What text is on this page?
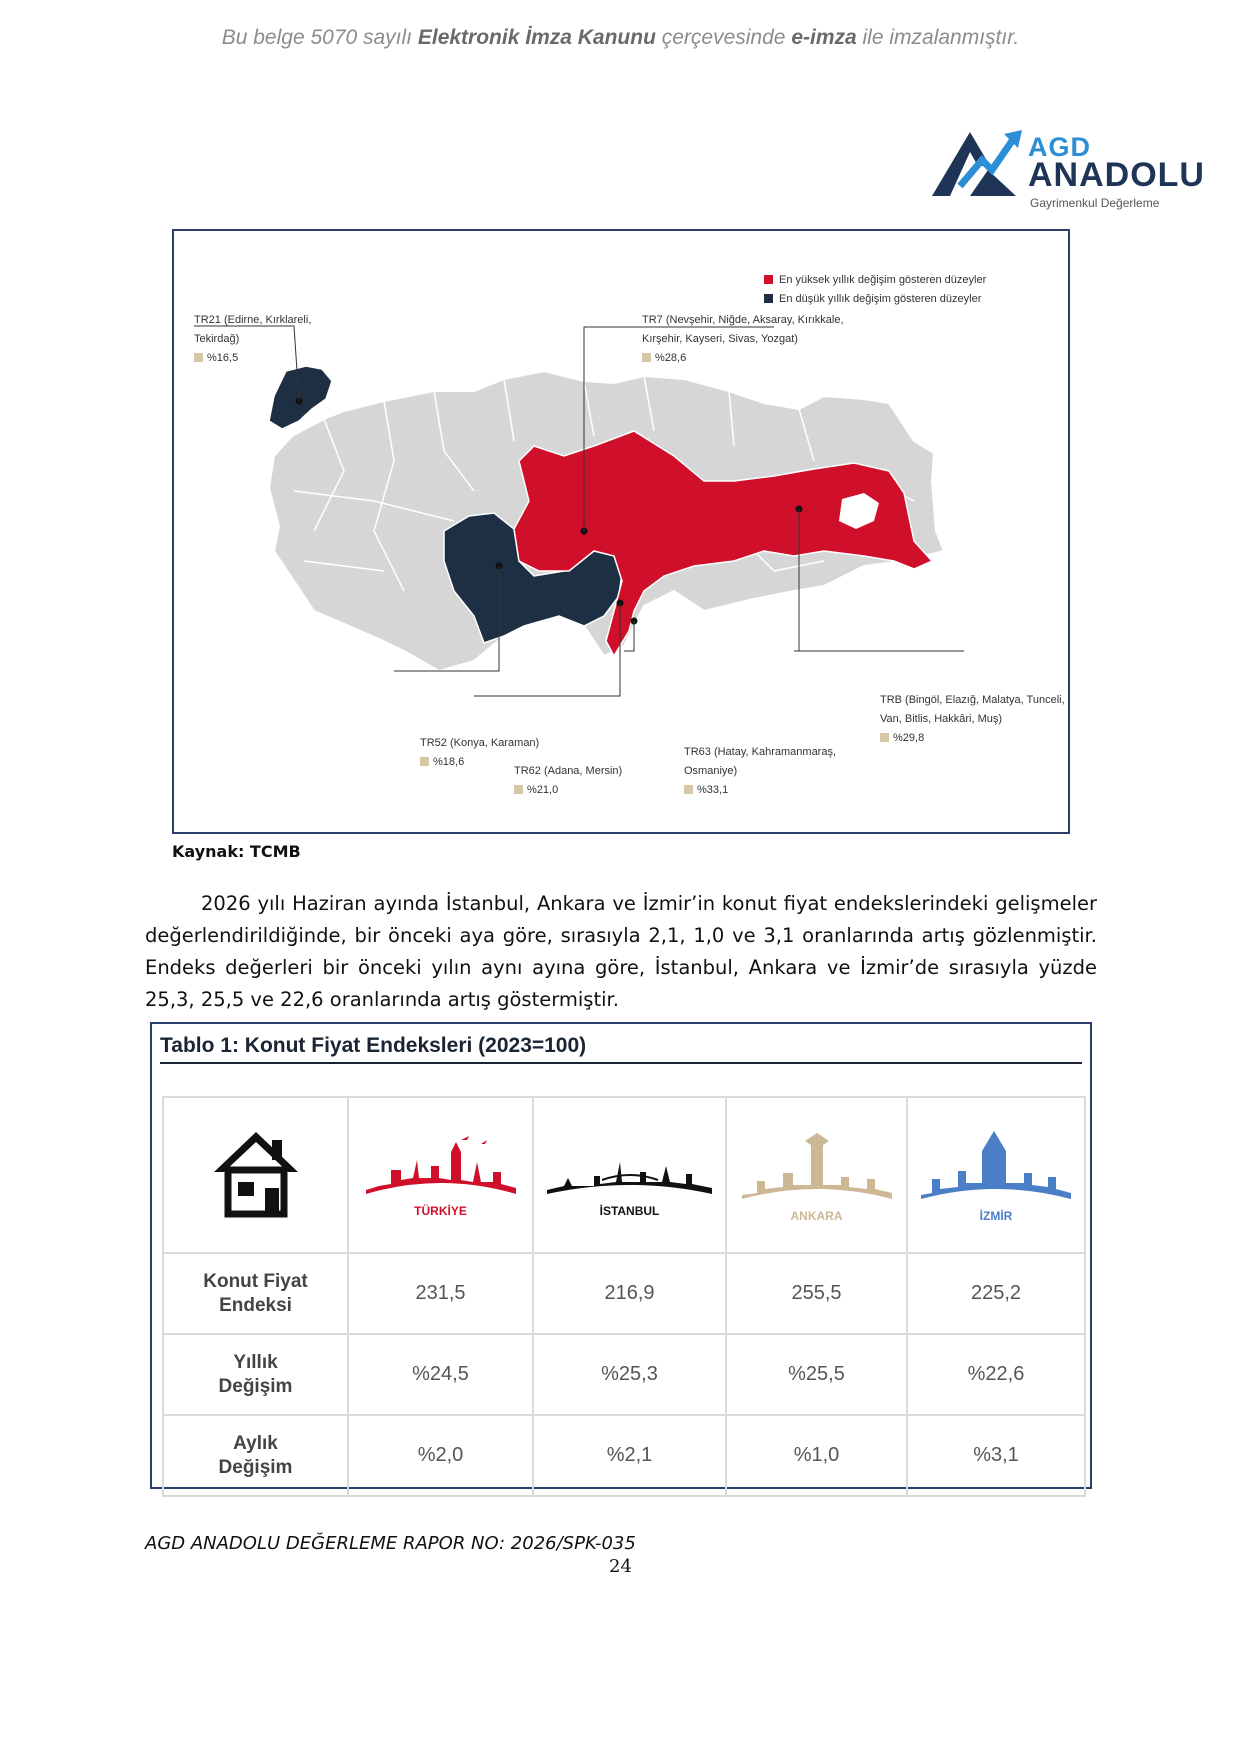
Bu belge 5070 sayılı Elektronik İmza Kanunu çerçevesinde e-imza ile imzalanmıştır.
AGD
ANADOLU
Gayrimenkul Değerleme
En yüksek yıllık değişim gösteren düzeyler
En düşük yıllık değişim gösteren düzeyler
TR21 (Edirne, Kırklareli,
Tekirdağ)
%16,5
TR7 (Nevşehir, Niğde, Aksaray, Kırıkkale,
Kırşehir, Kayseri, Sivas, Yozgat)
%28,6
TRB (Bingöl, Elazığ, Malatya, Tunceli,
Van, Bitlis, Hakkâri, Muş)
%29,8
TR52 (Konya, Karaman)
%18,6
TR62 (Adana, Mersin)
%21,0
TR63 (Hatay, Kahramanmaraş,
Osmaniye)
%33,1
Kaynak: TCMB
2026 yılı Haziran ayında İstanbul, Ankara ve İzmir’in konut fiyat endekslerindeki gelişmeler değerlendirildiğinde, bir önceki aya göre, sırasıyla 2,1, 1,0 ve 3,1 oranlarında artış gözlenmiştir. Endeks değerleri bir önceki yılın aynı ayına göre, İstanbul, Ankara ve İzmir’de sırasıyla yüzde 25,3, 25,5 ve 22,6 oranlarında artış göstermiştir.
Tablo 1: Konut Fiyat Endeksleri (2023=100)

TÜRKİYE	İSTANBUL	ANKARA	İZMİR

Konut Fiyat
Endeksi	231,5	216,9	255,5	225,2

Yıllık
Değişim	%24,5	%25,3	%25,5	%22,6

Aylık
Değişim	%2,0	%2,1	%1,0	%3,1
AGD ANADOLU DEĞERLEME RAPOR NO: 2026/SPK-035
24
